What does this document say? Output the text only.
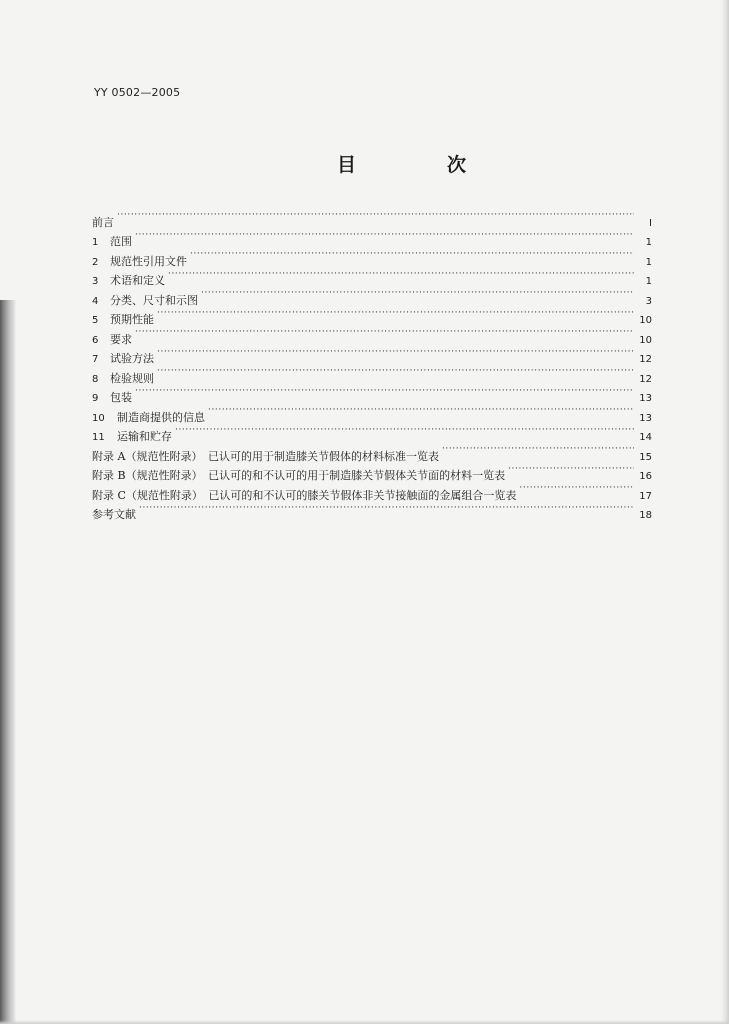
YY 0502—2005
目　次
前言 ·····	Ⅰ
1	范围 ·····	1
2	规范性引用文件 ·····	1
3	术语和定义 ·····	1
4	分类、尺寸和示图 ·····	3
5	预期性能 ·····	10
6	要求 ·····	10
7	试验方法 ·····	12
8	检验规则 ·····	12
9	包装 ·····	13
10	制造商提供的信息 ·····	13
11	运输和贮存 ·····	14
附录 A（规范性附录）　已认可的用于制造膝关节假体的材料标准一览表 ·····	15
附录 B（规范性附录）　已认可的和不认可的用于制造膝关节假体关节面的材料一览表 ·····	16
附录 C（规范性附录）　已认可的和不认可的膝关节假体非关节接触面的金属组合一览表 ·····	17
参考文献 ·····	18
